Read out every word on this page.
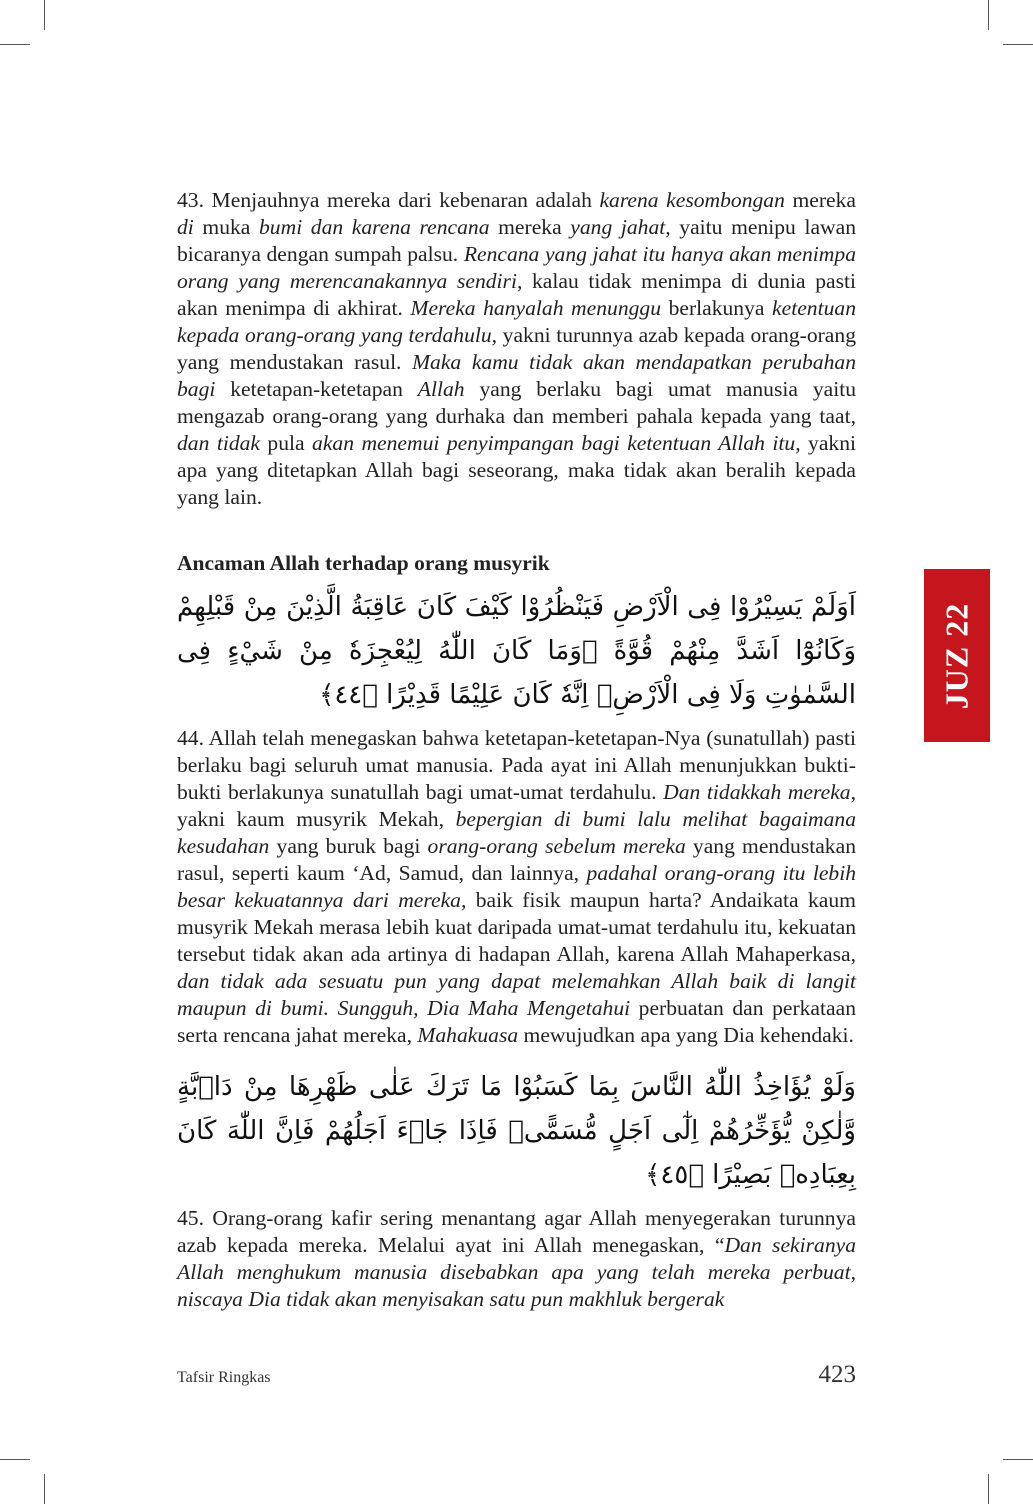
43. Menjauhnya mereka dari kebenaran adalah karena kesombongan mereka di muka bumi dan karena rencana mereka yang jahat, yaitu menipu lawan bicaranya dengan sumpah palsu. Rencana yang jahat itu hanya akan menimpa orang yang merencanakannya sendiri, kalau tidak menimpa di dunia pasti akan menimpa di akhirat. Mereka hanyalah menunggu berlakunya ketentuan kepada orang-orang yang terdahulu, yakni turunnya azab kepada orang-orang yang mendustakan rasul. Maka kamu tidak akan mendapatkan perubahan bagi ketetapan-ketetapan Allah yang berlaku bagi umat manusia yaitu mengazab orang-orang yang durhaka dan memberi pahala kepada yang taat, dan tidak pula akan menemui penyimpangan bagi ketentuan Allah itu, yakni apa yang ditetapkan Allah bagi seseorang, maka tidak akan beralih kepada yang lain.

Ancaman Allah terhadap orang musyrik
اَوَلَمْ يَسِيْرُوْا فِى الْاَرْضِ فَيَنْظُرُوْا كَيْفَ كَانَ عَاقِبَةُ الَّذِيْنَ مِنْ قَبْلِهِمْ وَكَانُوْٓا اَشَدَّ مِنْهُمْ قُوَّةً ۗوَمَا كَانَ اللّٰهُ لِيُعْجِزَهٗ مِنْ شَيْءٍ فِى السَّمٰوٰتِ وَلَا فِى الْاَرْضِۗ اِنَّهٗ كَانَ عَلِيْمًا قَدِيْرًا ﴿٤٤﴾

44. Allah telah menegaskan bahwa ketetapan-ketetapan-Nya (sunatullah) pasti berlaku bagi seluruh umat manusia. Pada ayat ini Allah menunjukkan bukti-bukti berlakunya sunatullah bagi umat-umat terdahulu. Dan tidakkah mereka, yakni kaum musyrik Mekah, bepergian di bumi lalu melihat bagaimana kesudahan yang buruk bagi orang-orang sebelum mereka yang mendustakan rasul, seperti kaum ‘Ad, Samud, dan lainnya, padahal orang-orang itu lebih besar kekuatannya dari mereka, baik fisik maupun harta? Andaikata kaum musyrik Mekah merasa lebih kuat daripada umat-umat terdahulu itu, kekuatan tersebut tidak akan ada artinya di hadapan Allah, karena Allah Mahaperkasa, dan tidak ada sesuatu pun yang dapat melemahkan Allah baik di langit maupun di bumi. Sungguh, Dia Maha Mengetahui perbuatan dan perkataan serta rencana jahat mereka, Mahakuasa mewujudkan apa yang Dia kehendaki.

وَلَوْ يُؤَاخِذُ اللّٰهُ النَّاسَ بِمَا كَسَبُوْا مَا تَرَكَ عَلٰى ظَهْرِهَا مِنْ دَاۤبَّةٍ وَّلٰكِنْ يُّؤَخِّرُهُمْ اِلٰٓى اَجَلٍ مُّسَمًّىۚ فَاِذَا جَاۤءَ اَجَلُهُمْ فَاِنَّ اللّٰهَ كَانَ بِعِبَادِهٖ بَصِيْرًا ﴿٤٥﴾

45. Orang-orang kafir sering menantang agar Allah menyegerakan turunnya azab kepada mereka. Melalui ayat ini Allah menegaskan, “Dan sekiranya Allah menghukum manusia disebabkan apa yang telah mereka perbuat, niscaya Dia tidak akan menyisakan satu pun makhluk bergerak

Tafsir Ringkas	423
JUZ 22
